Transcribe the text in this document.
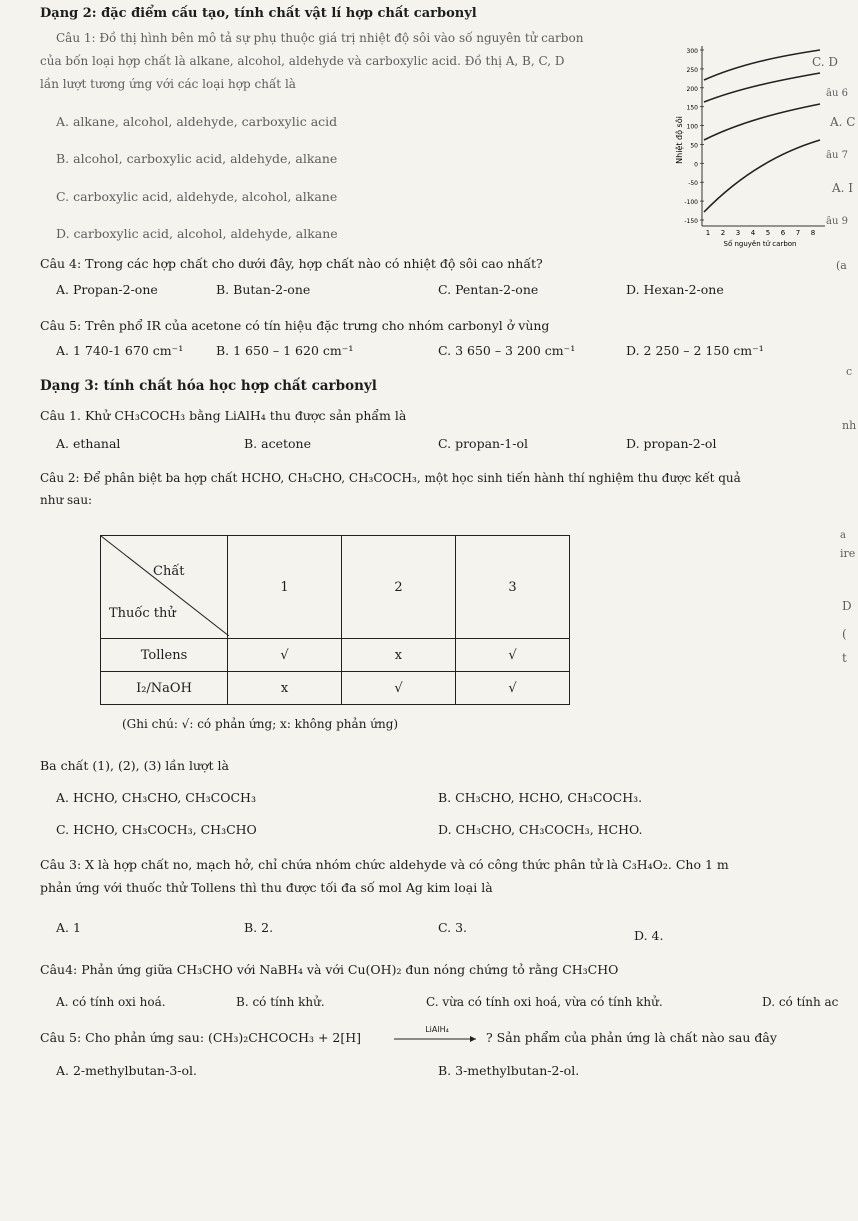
Dạng 2: đặc điểm cấu tạo, tính chất vật lí hợp chất carbonyl
Câu 1: Đồ thị hình bên mô tả sự phụ thuộc giá trị nhiệt độ sôi vào số nguyên tử carbon
của bốn loại hợp chất là alkane, alcohol, aldehyde và carboxylic acid. Đồ thị A, B, C, D
lần lượt tương ứng với các loại hợp chất là
A. alkane, alcohol, aldehyde, carboxylic acid
B. alcohol, carboxylic acid, aldehyde, alkane
C. carboxylic acid, aldehyde, alcohol, alkane
D. carboxylic acid, alcohol, aldehyde, alkane
300
250
200
150
100
50
0
-50
-100
-150
1 2 3 4 5 6 7 8
Nhiệt độ sôi
Số nguyên tử carbon
C. D
âu 6
A. C
âu 7
A. I
âu 9
(a
c
nh
a
ire
D
(
t
Câu 4: Trong các hợp chất cho dưới đây, hợp chất nào có nhiệt độ sôi cao nhất?
A. Propan-2-one	B. Butan-2-one	C. Pentan-2-one	D. Hexan-2-one
Câu 5: Trên phổ IR của acetone có tín hiệu đặc trưng cho nhóm carbonyl ở vùng
A. 1 740-1 670 cm⁻¹	B. 1 650 – 1 620 cm⁻¹	C. 3 650 – 3 200 cm⁻¹	D. 2 250 – 2 150 cm⁻¹
Dạng 3: tính chất hóa học hợp chất carbonyl
Câu 1. Khử CH₃COCH₃ bằng LiAlH₄ thu được sản phẩm là
A. ethanal	B. acetone	C. propan-1-ol	D. propan-2-ol
Câu 2: Để phân biệt ba hợp chất HCHO, CH₃CHO, CH₃COCH₃, một học sinh tiến hành thí nghiệm thu được kết quả
như sau:
Chất
Thuốc thử	1	2	3
Tollens	√	x	√
I₂/NaOH	x	√	√
(Ghi chú: √: có phản ứng; x: không phản ứng)
Ba chất (1), (2), (3) lần lượt là
A. HCHO, CH₃CHO, CH₃COCH₃	B. CH₃CHO, HCHO, CH₃COCH₃.
C. HCHO, CH₃COCH₃, CH₃CHO	D. CH₃CHO, CH₃COCH₃, HCHO.
Câu 3: X là hợp chất no, mạch hở, chỉ chứa nhóm chức aldehyde và có công thức phân tử là C₃H₄O₂. Cho 1 m
phản ứng với thuốc thử Tollens thì thu được tối đa số mol Ag kim loại là
A. 1	B. 2.	C. 3.
D. 4.
Câu4: Phản ứng giữa CH₃CHO với NaBH₄ và với Cu(OH)₂ đun nóng chứng tỏ rằng CH₃CHO
A. có tính oxi hoá.	B. có tính khử.	C. vừa có tính oxi hoá, vừa có tính khử.	D. có tính ac
Câu 5: Cho phản ứng sau: (CH₃)₂CHCOCH₃ + 2[H]
LiAlH₄
? Sản phẩm của phản ứng là chất nào sau đây
A. 2-methylbutan-3-ol.	B. 3-methylbutan-2-ol.
